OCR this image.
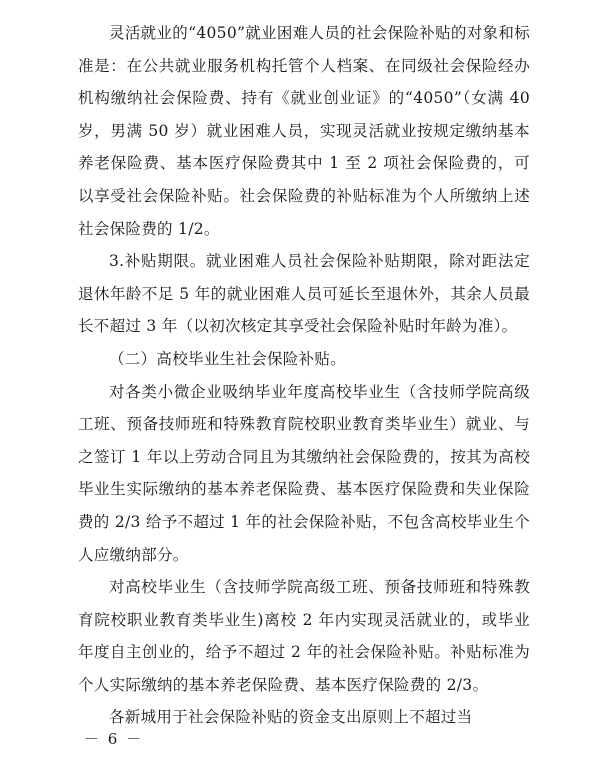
灵活就业的“4050”就业困难人员的社会保险补贴的对象和标准是：在公共就业服务机构托管个人档案、在同级社会保险经办机构缴纳社会保险费、持有《就业创业证》的“4050”（女满 40 岁，男满 50 岁）就业困难人员，实现灵活就业按规定缴纳基本养老保险费、基本医疗保险费其中 1 至 2 项社会保险费的，可以享受社会保险补贴。社会保险费的补贴标准为个人所缴纳上述社会保险费的 1/2。

3.补贴期限。就业困难人员社会保险补贴期限，除对距法定退休年龄不足 5 年的就业困难人员可延长至退休外，其余人员最长不超过 3 年（以初次核定其享受社会保险补贴时年龄为准）。

（二）高校毕业生社会保险补贴。

对各类小微企业吸纳毕业年度高校毕业生（含技师学院高级工班、预备技师班和特殊教育院校职业教育类毕业生）就业、与之签订 1 年以上劳动合同且为其缴纳社会保险费的，按其为高校毕业生实际缴纳的基本养老保险费、基本医疗保险费和失业保险费的 2/3 给予不超过 1 年的社会保险补贴，不包含高校毕业生个人应缴纳部分。

对高校毕业生（含技师学院高级工班、预备技师班和特殊教育院校职业教育类毕业生)离校 2 年内实现灵活就业的，或毕业年度自主创业的，给予不超过 2 年的社会保险补贴。补贴标准为个人实际缴纳的基本养老保险费、基本医疗保险费的 2/3。

各新城用于社会保险补贴的资金支出原则上不超过当

－ 6 －
